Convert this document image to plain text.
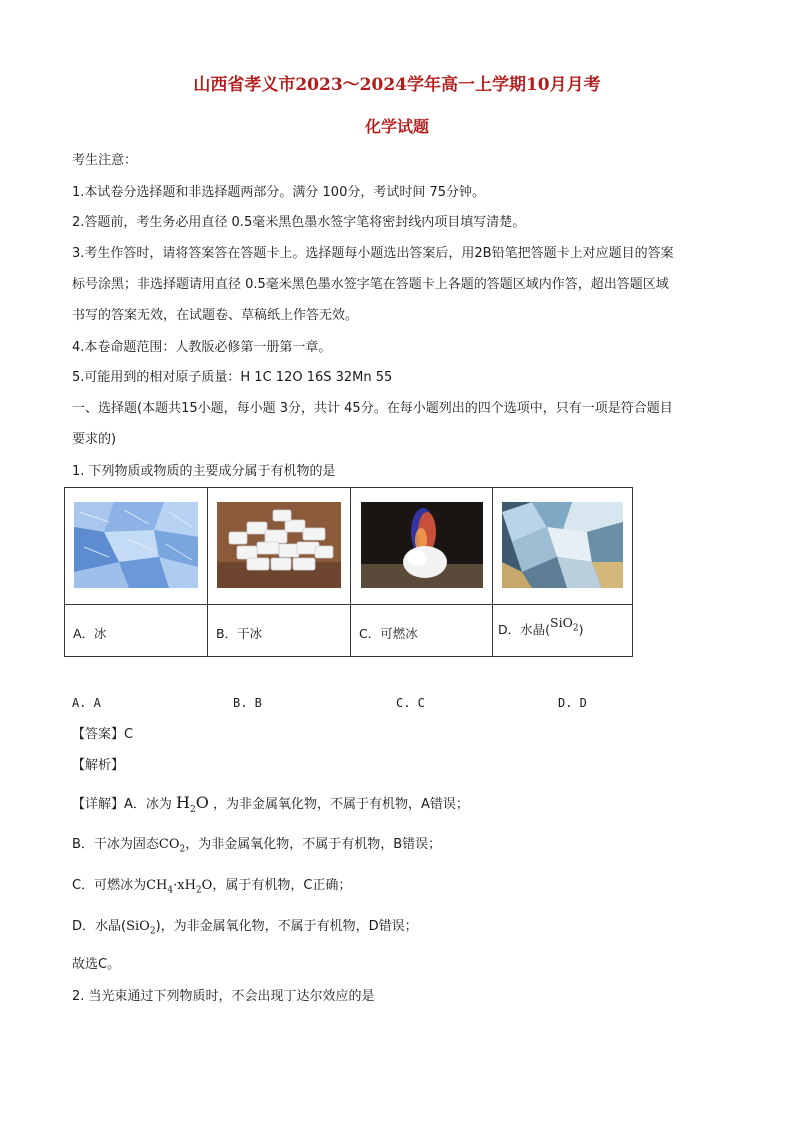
山西省孝义市2023～2024学年高一上学期10月月考
化学试题
考生注意：
1.本试卷分选择题和非选择题两部分。满分 100分，考试时间 75分钟。
2.答题前，考生务必用直径 0.5毫米黑色墨水签字笔将密封线内项目填写清楚。
3.考生作答时，请将答案答在答题卡上。选择题每小题选出答案后，用2B铅笔把答题卡上对应题目的答案
标号涂黑；非选择题请用直径 0.5毫米黑色墨水签字笔在答题卡上各题的答题区域内作答，超出答题区域
书写的答案无效，在试题卷、草稿纸上作答无效。
4.本卷命题范围：人教版必修第一册第一章。
5.可能用到的相对原子质量：H 1C 12O 16S 32Mn 55
一、选择题(本题共15小题，每小题 3分，共计 45分。在每小题列出的四个选项中，只有一项是符合题目
要求的)
1. 下列物质或物质的主要成分属于有机物的是
A．冰	B．干冰	C．可燃冰	D．水晶(SiO$_2$)
A. A	B. B	C. C	D. D
【答案】C
【解析】
【详解】A．冰为 $H_2O$ ，为非金属氧化物，不属于有机物，A错误；
B．干冰为固态$CO_2$，为非金属氧化物，不属于有机物，B错误；
C．可燃冰为$CH_4\cdot xH_2O$，属于有机物，C正确；
D．水晶(SiO$_2$)，为非金属氧化物，不属于有机物，D错误；
故选C。
2. 当光束通过下列物质时，不会出现丁达尔效应的是
